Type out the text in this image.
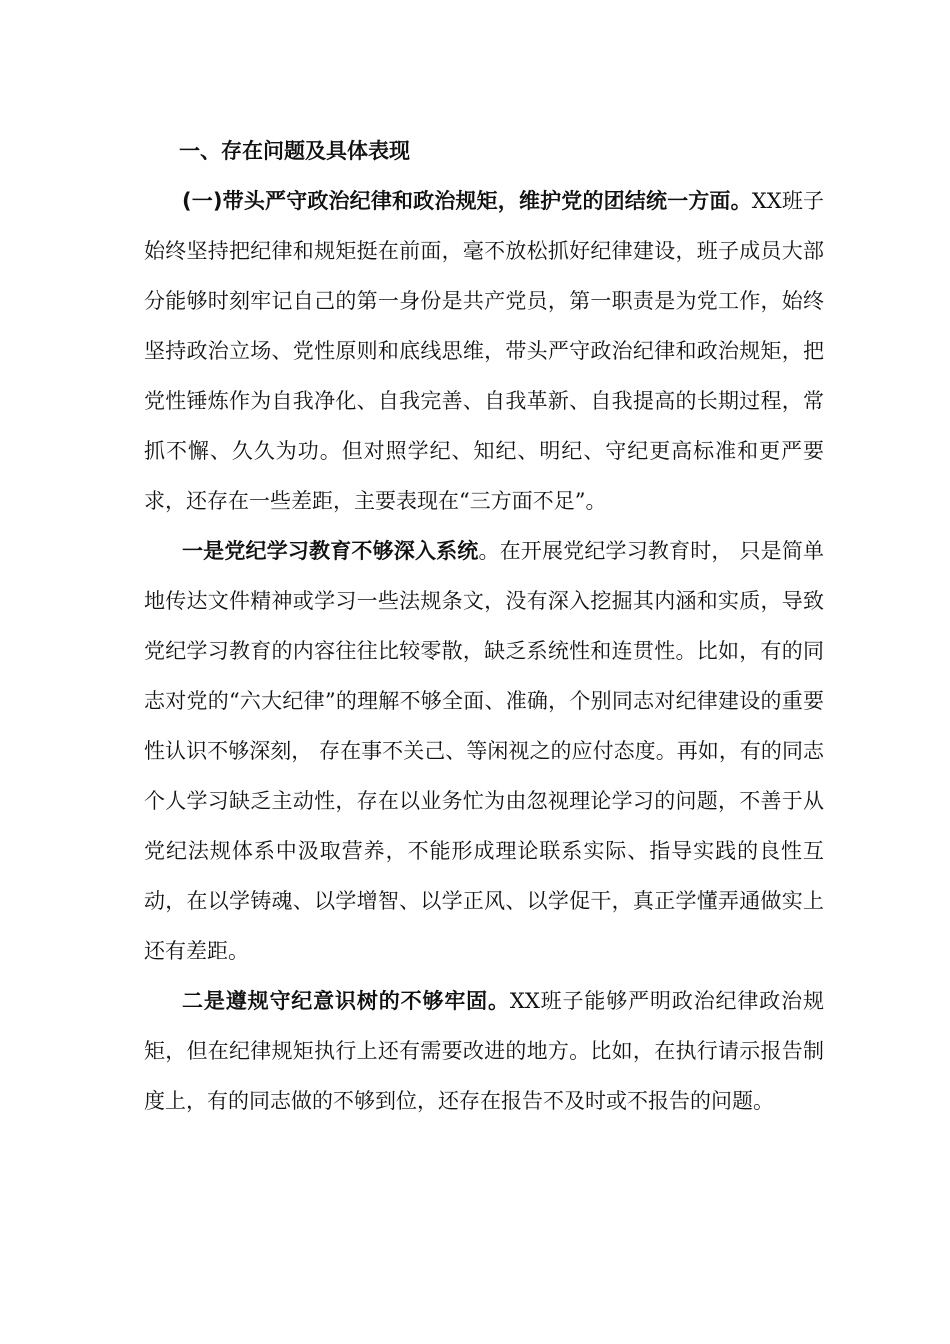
一、存在问题及具体表现

(一)带头严守政治纪律和政治规矩，维护党的团结统一方面。XX班子始终坚持把纪律和规矩挺在前面，毫不放松抓好纪律建设，班子成员大部分能够时刻牢记自己的第一身份是共产党员，第一职责是为党工作，始终坚持政治立场、党性原则和底线思维，带头严守政治纪律和政治规矩，把党性锤炼作为自我净化、自我完善、自我革新、自我提高的长期过程，常抓不懈、久久为功。但对照学纪、知纪、明纪、守纪更高标准和更严要求，还存在一些差距，主要表现在“三方面不足”。

一是党纪学习教育不够深入系统。在开展党纪学习教育时， 只是简单地传达文件精神或学习一些法规条文，没有深入挖掘其内涵和实质，导致党纪学习教育的内容往往比较零散，缺乏系统性和连贯性。比如，有的同志对党的“六大纪律”的理解不够全面、准确，个别同志对纪律建设的重要性认识不够深刻， 存在事不关己、等闲视之的应付态度。再如，有的同志个人学习缺乏主动性，存在以业务忙为由忽视理论学习的问题，不善于从党纪法规体系中汲取营养，不能形成理论联系实际、指导实践的良性互动，在以学铸魂、以学增智、以学正风、以学促干，真正学懂弄通做实上还有差距。

二是遵规守纪意识树的不够牢固。XX班子能够严明政治纪律政治规矩，但在纪律规矩执行上还有需要改进的地方。比如，在执行请示报告制度上，有的同志做的不够到位，还存在报告不及时或不报告的问题。
